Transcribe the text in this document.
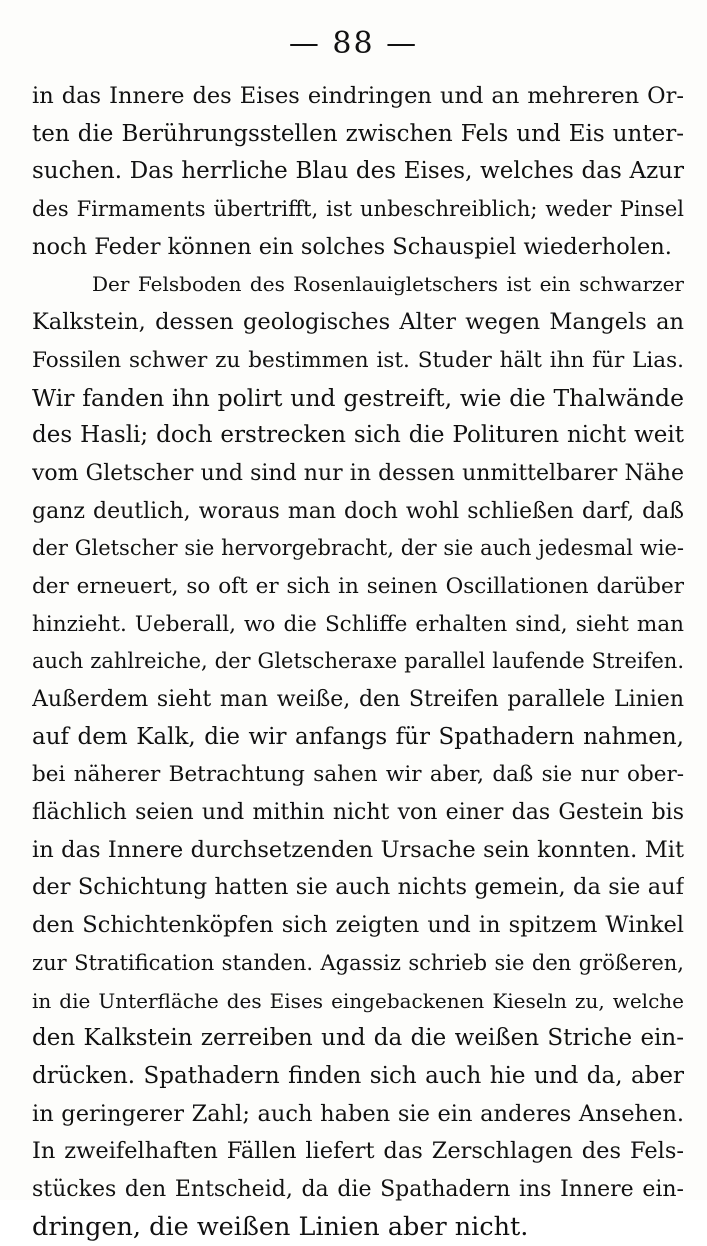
— 88 —
in das Innere des Eises eindringen und an mehreren Or-
ten die Berührungsstellen zwischen Fels und Eis unter-
suchen. Das herrliche Blau des Eises, welches das Azur
des Firmaments übertrifft, ist unbeschreiblich; weder Pinsel
noch Feder können ein solches Schauspiel wiederholen.
Der Felsboden des Rosenlauigletschers ist ein schwarzer
Kalkstein, dessen geologisches Alter wegen Mangels an
Fossilen schwer zu bestimmen ist. Studer hält ihn für Lias.
Wir fanden ihn polirt und gestreift, wie die Thalwände
des Hasli; doch erstrecken sich die Polituren nicht weit
vom Gletscher und sind nur in dessen unmittelbarer Nähe
ganz deutlich, woraus man doch wohl schließen darf, daß
der Gletscher sie hervorgebracht, der sie auch jedesmal wie-
der erneuert, so oft er sich in seinen Oscillationen darüber
hinzieht. Ueberall, wo die Schliffe erhalten sind, sieht man
auch zahlreiche, der Gletscheraxe parallel laufende Streifen.
Außerdem sieht man weiße, den Streifen parallele Linien
auf dem Kalk, die wir anfangs für Spathadern nahmen,
bei näherer Betrachtung sahen wir aber, daß sie nur ober-
flächlich seien und mithin nicht von einer das Gestein bis
in das Innere durchsetzenden Ursache sein konnten. Mit
der Schichtung hatten sie auch nichts gemein, da sie auf
den Schichtenköpfen sich zeigten und in spitzem Winkel
zur Stratification standen. Agassiz schrieb sie den größeren,
in die Unterfläche des Eises eingebackenen Kieseln zu, welche
den Kalkstein zerreiben und da die weißen Striche ein-
drücken. Spathadern finden sich auch hie und da, aber
in geringerer Zahl; auch haben sie ein anderes Ansehen.
In zweifelhaften Fällen liefert das Zerschlagen des Fels-
stückes den Entscheid, da die Spathadern ins Innere ein-
dringen, die weißen Linien aber nicht.
